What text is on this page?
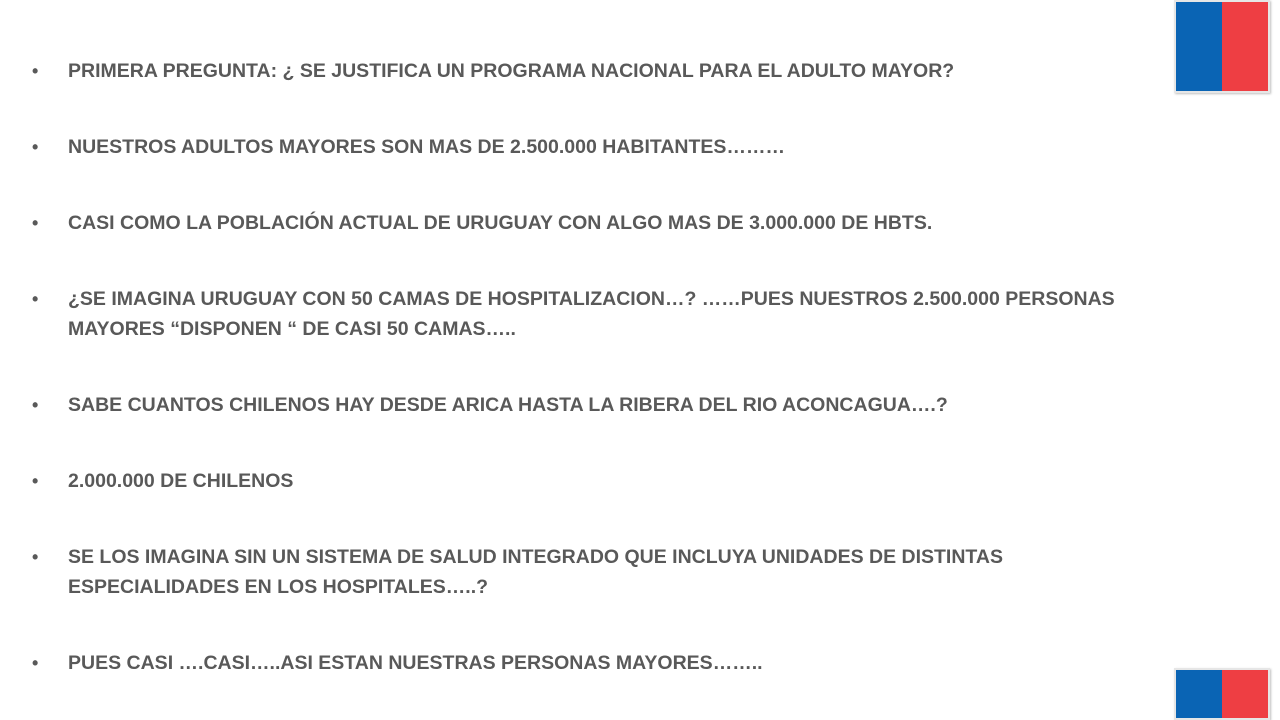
•	PRIMERA PREGUNTA: ¿ SE JUSTIFICA UN PROGRAMA NACIONAL PARA EL ADULTO MAYOR?
•	NUESTROS ADULTOS MAYORES SON MAS DE 2.500.000 HABITANTES………
•	CASI COMO LA POBLACIÓN ACTUAL DE URUGUAY CON ALGO MAS DE 3.000.000 DE HBTS.
•	¿SE IMAGINA URUGUAY CON 50 CAMAS DE HOSPITALIZACION…? ……PUES NUESTROS 2.500.000 PERSONAS MAYORES “DISPONEN “ DE CASI 50 CAMAS…..
•	SABE CUANTOS CHILENOS HAY DESDE ARICA HASTA LA RIBERA DEL RIO ACONCAGUA….?
•	2.000.000 DE CHILENOS
•	SE LOS IMAGINA SIN UN SISTEMA DE SALUD INTEGRADO QUE INCLUYA UNIDADES DE DISTINTAS ESPECIALIDADES EN LOS HOSPITALES…..?
•	PUES CASI ….CASI…..ASI ESTAN NUESTRAS PERSONAS MAYORES……..
